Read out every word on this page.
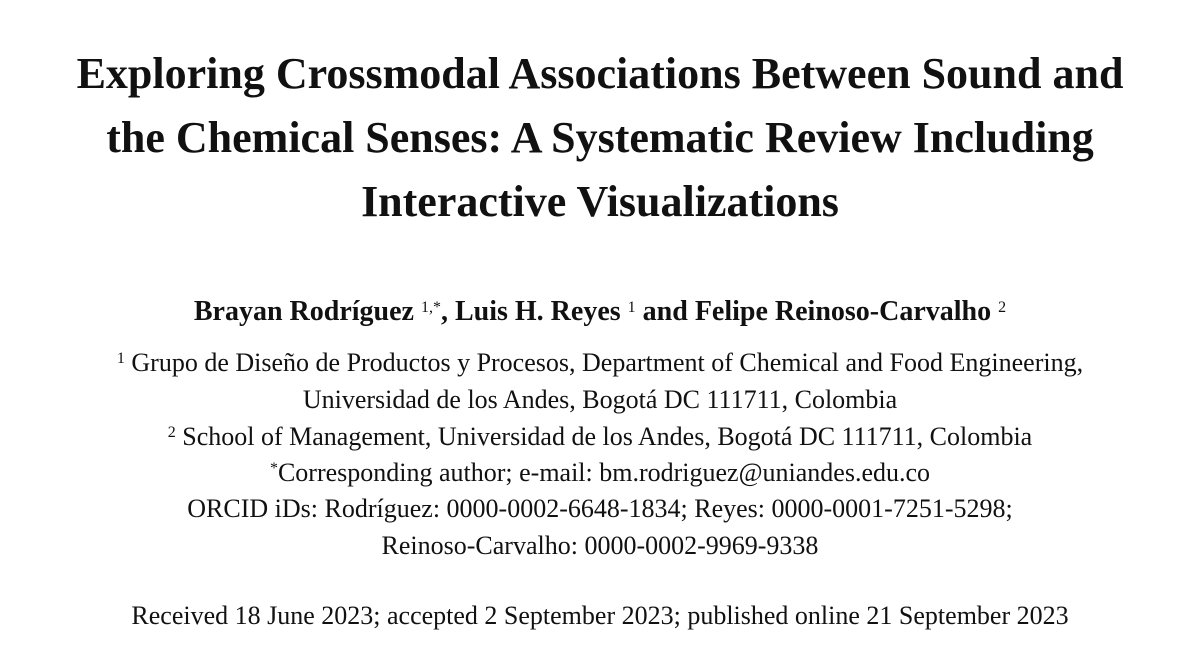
Exploring Crossmodal Associations Between Sound and
the Chemical Senses: A Systematic Review Including
Interactive Visualizations
Brayan Rodríguez $^{1,*}$, Luis H. Reyes $^1$ and Felipe Reinoso-Carvalho $^2$
$^1$ Grupo de Diseño de Productos y Procesos, Department of Chemical and Food Engineering,
Universidad de los Andes, Bogotá DC 111711, Colombia
$^2$ School of Management, Universidad de los Andes, Bogotá DC 111711, Colombia
*Corresponding author; e-mail: bm.rodriguez@uniandes.edu.co
ORCID iDs: Rodríguez: 0000-0002-6648-1834; Reyes: 0000-0001-7251-5298;
Reinoso-Carvalho: 0000-0002-9969-9338
Received 18 June 2023; accepted 2 September 2023; published online 21 September 2023
